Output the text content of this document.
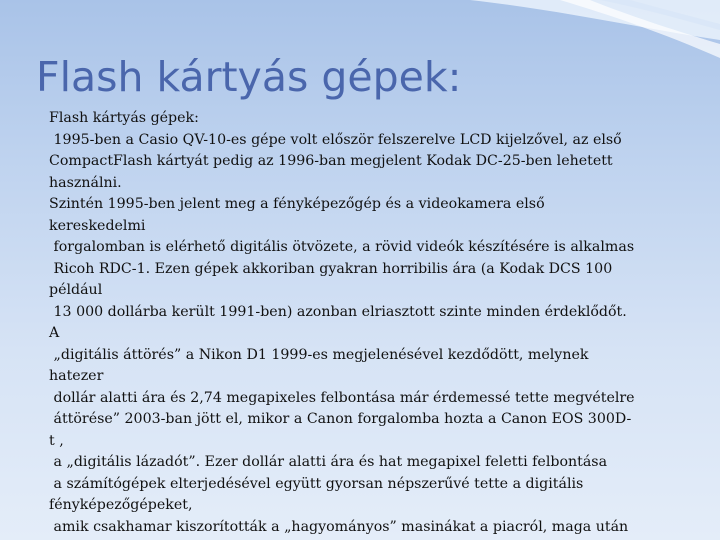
Flash kártyás gépek:
Flash kártyás gépek:
1995-ben a Casio QV-10-es gépe volt először felszerelve LCD kijelzővel, az első
CompactFlash kártyát pedig az 1996-ban megjelent Kodak DC-25-ben lehetett
használni.
Szintén 1995-ben jelent meg a fényképezőgép és a videokamera első
kereskedelmi
forgalomban is elérhető digitális ötvözete, a rövid videók készítésére is alkalmas
Ricoh RDC-1. Ezen gépek akkoriban gyakran horribilis ára (a Kodak DCS 100
például
13 000 dollárba került 1991-ben) azonban elriasztott szinte minden érdeklődőt.
A
„digitális áttörés” a Nikon D1 1999-es megjelenésével kezdődött, melynek
hatezer
dollár alatti ára és 2,74 megapixeles felbontása már érdemessé tette megvételre
áttörése” 2003-ban jött el, mikor a Canon forgalomba hozta a Canon EOS 300D-
t ,
a „digitális lázadót”. Ezer dollár alatti ára és hat megapixel feletti felbontása
a számítógépek elterjedésével együtt gyorsan népszerűvé tette a digitális
fényképezőgépeket,
amik csakhamar kiszorították a „hagyományos” masinákat a piacról, maga után
